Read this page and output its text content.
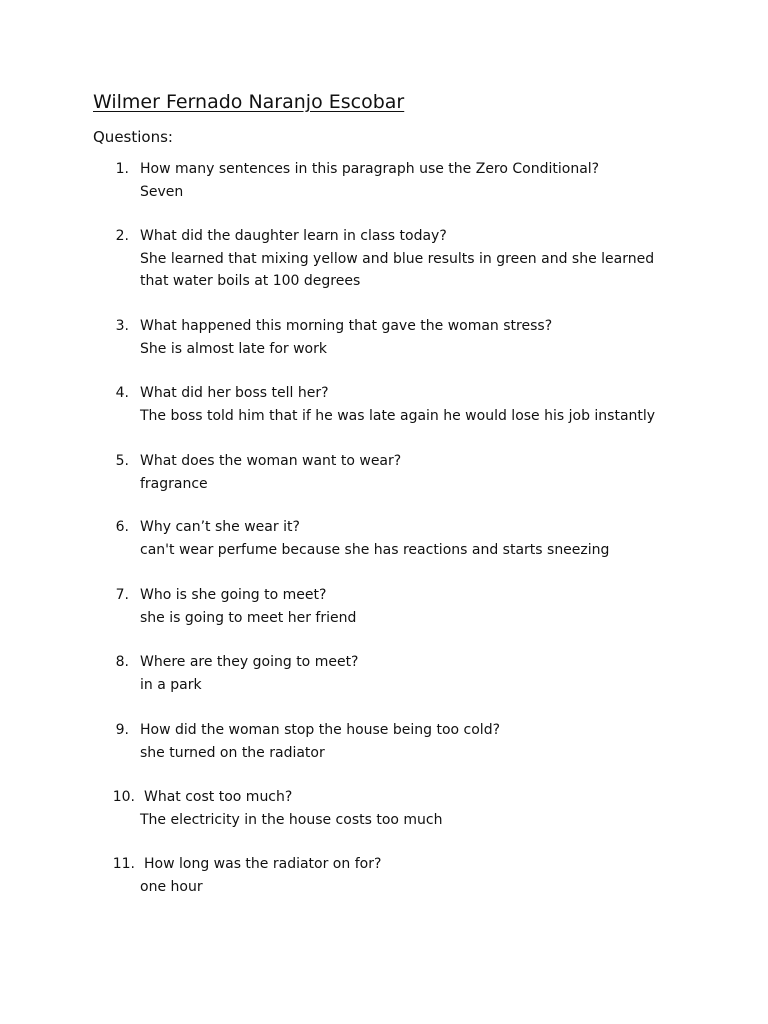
Wilmer Fernado Naranjo Escobar
Questions:
1. How many sentences in this paragraph use the Zero Conditional?
Seven
2. What did the daughter learn in class today?
She learned that mixing yellow and blue results in green and she learned
that water boils at 100 degrees
3. What happened this morning that gave the woman stress?
She is almost late for work
4. What did her boss tell her?
The boss told him that if he was late again he would lose his job instantly
5. What does the woman want to wear?
fragrance
6. Why can’t she wear it?
can't wear perfume because she has reactions and starts sneezing
7. Who is she going to meet?
she is going to meet her friend
8. Where are they going to meet?
in a park
9. How did the woman stop the house being too cold?
she turned on the radiator
10. What cost too much?
The electricity in the house costs too much
11. How long was the radiator on for?
one hour
